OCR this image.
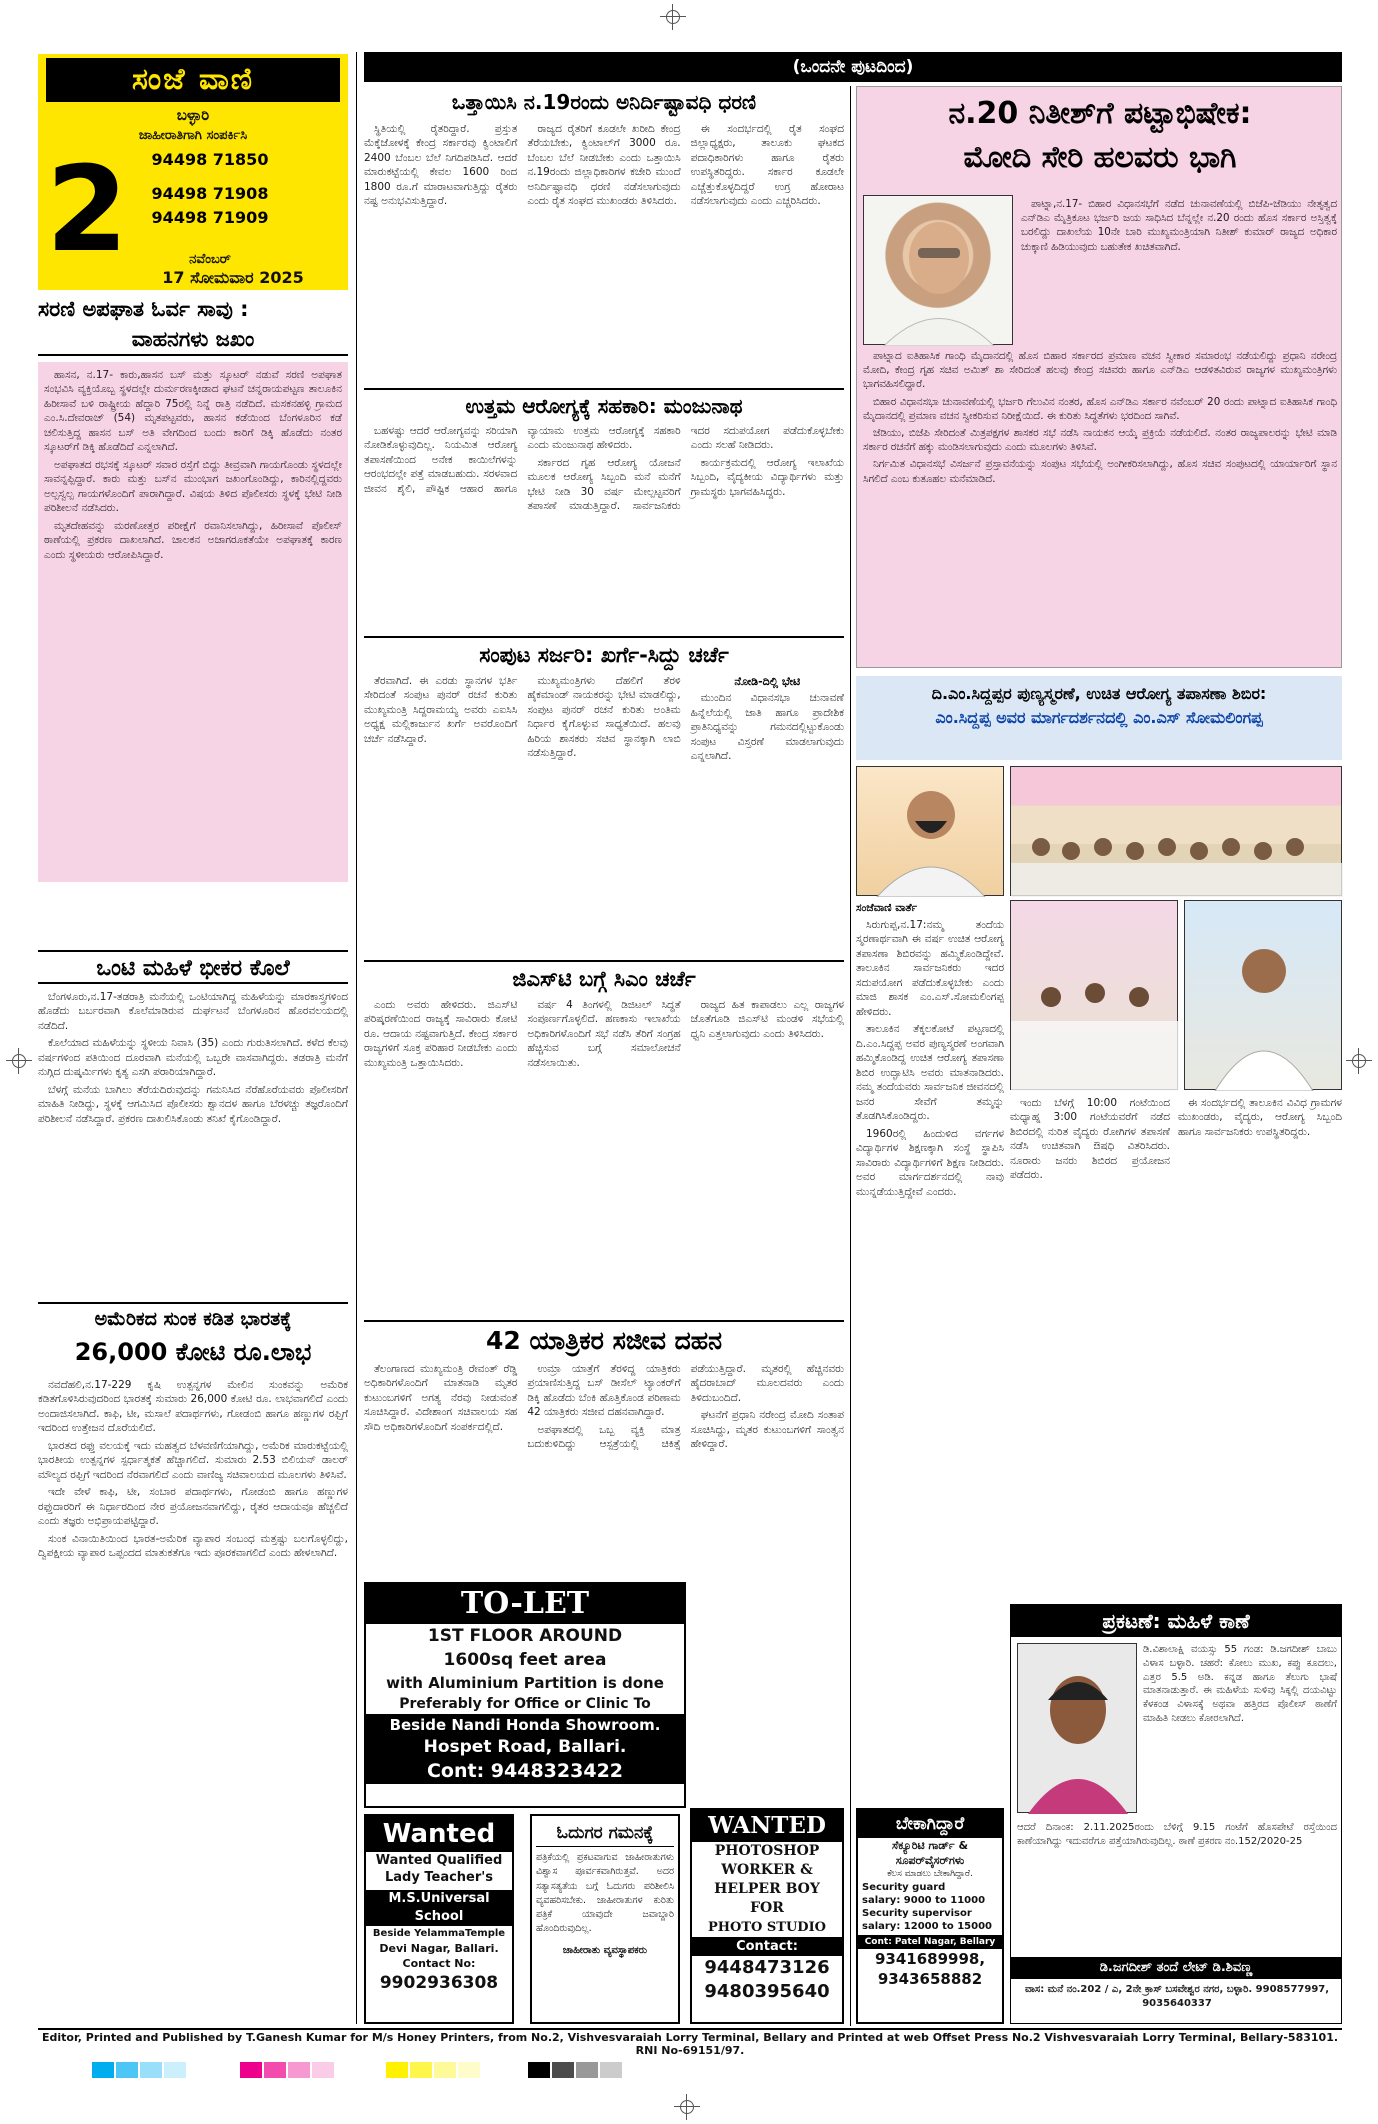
ಸಂಜೆ ವಾಣಿ
ಬಳ್ಳಾರಿ
ಜಾಹೀರಾತಿಗಾಗಿ ಸಂಪರ್ಕಿಸಿ
94498 71850
94498 71908
94498 71909
2	ನವೆಂಬರ್
17 ಸೋಮವಾರ 2025
(ಒಂದನೇ ಪುಟದಿಂದ)
ಸರಣಿ ಅಪಘಾತ ಓರ್ವ ಸಾವು :
ವಾಹನಗಳು ಜಖಂ

ಹಾಸನ, ನ.17- ಕಾರು,ಹಾಸನ ಬಸ್ ಮತ್ತು ಸ್ಕೂಟರ್ ನಡುವೆ ಸರಣಿ ಅಪಘಾತ ಸಂಭವಿಸಿ ವ್ಯಕ್ತಿಯೊಬ್ಬ ಸ್ಥಳದಲ್ಲೇ ದುರ್ಮರಣಕ್ಕೀಡಾದ ಘಟನೆ ಚನ್ನರಾಯಪಟ್ಟಣ ತಾಲೂಕಿನ ಹಿರೀಸಾವೆ ಬಳಿ ರಾಷ್ಟ್ರೀಯ ಹೆದ್ದಾರಿ 75ರಲ್ಲಿ ನಿನ್ನೆ ರಾತ್ರಿ ನಡೆದಿದೆ. ಮಸಕನಹಳ್ಳಿ ಗ್ರಾಮದ ಎಂ.ಸಿ.ದೇವರಾಜ್ (54) ಮೃತಪಟ್ಟವರು, ಹಾಸನ ಕಡೆಯಿಂದ ಬೆಂಗಳೂರಿನ ಕಡೆ ಚಲಿಸುತ್ತಿದ್ದ ಹಾಸನ ಬಸ್ ಅತಿ ವೇಗದಿಂದ ಬಂದು ಕಾರಿಗೆ ಡಿಕ್ಕಿ ಹೊಡೆದು ನಂತರ ಸ್ಕೂಟರ್‌ಗೆ ಡಿಕ್ಕಿ ಹೊಡೆದಿದೆ ಎನ್ನಲಾಗಿದೆ.

ಅಪಘಾತದ ರಭಸಕ್ಕೆ ಸ್ಕೂಟರ್ ಸವಾರ ರಸ್ತೆಗೆ ಬಿದ್ದು ತೀವ್ರವಾಗಿ ಗಾಯಗೊಂಡು ಸ್ಥಳದಲ್ಲೇ ಸಾವನ್ನಪ್ಪಿದ್ದಾರೆ. ಕಾರು ಮತ್ತು ಬಸ್‌ನ ಮುಂಭಾಗ ಜಖಂಗೊಂಡಿದ್ದು, ಕಾರಿನಲ್ಲಿದ್ದವರು ಅಲ್ಪಸ್ವಲ್ಪ ಗಾಯಗಳೊಂದಿಗೆ ಪಾರಾಗಿದ್ದಾರೆ. ವಿಷಯ ತಿಳಿದ ಪೊಲೀಸರು ಸ್ಥಳಕ್ಕೆ ಭೇಟಿ ನೀಡಿ ಪರಿಶೀಲನೆ ನಡೆಸಿದರು.

ಮೃತದೇಹವನ್ನು ಮರಣೋತ್ತರ ಪರೀಕ್ಷೆಗೆ ರವಾನಿಸಲಾಗಿದ್ದು, ಹಿರೀಸಾವೆ ಪೊಲೀಸ್ ಠಾಣೆಯಲ್ಲಿ ಪ್ರಕರಣ ದಾಖಲಾಗಿದೆ. ಚಾಲಕನ ಅಜಾಗರೂಕತೆಯೇ ಅಪಘಾತಕ್ಕೆ ಕಾರಣ ಎಂದು ಸ್ಥಳೀಯರು ಆರೋಪಿಸಿದ್ದಾರೆ.

ಒಂಟಿ ಮಹಿಳೆ ಭೀಕರ ಕೊಲೆ

ಬೆಂಗಳೂರು,ನ.17-ತಡರಾತ್ರಿ ಮನೆಯಲ್ಲಿ ಒಂಟಿಯಾಗಿದ್ದ ಮಹಿಳೆಯನ್ನು ಮಾರಕಾಸ್ತ್ರಗಳಿಂದ ಹೊಡೆದು ಬರ್ಬರವಾಗಿ ಕೊಲೆಮಾಡಿರುವ ದುರ್ಘಟನೆ ಬೆಂಗಳೂರಿನ ಹೊರವಲಯದಲ್ಲಿ ನಡೆದಿದೆ.

ಕೊಲೆಯಾದ ಮಹಿಳೆಯನ್ನು ಸ್ಥಳೀಯ ನಿವಾಸಿ (35) ಎಂದು ಗುರುತಿಸಲಾಗಿದೆ. ಕಳೆದ ಕೆಲವು ವರ್ಷಗಳಿಂದ ಪತಿಯಿಂದ ದೂರವಾಗಿ ಮನೆಯಲ್ಲಿ ಒಬ್ಬರೇ ವಾಸವಾಗಿದ್ದರು. ತಡರಾತ್ರಿ ಮನೆಗೆ ನುಗ್ಗಿದ ದುಷ್ಕರ್ಮಿಗಳು ಕೃತ್ಯ ಎಸಗಿ ಪರಾರಿಯಾಗಿದ್ದಾರೆ.

ಬೆಳಗ್ಗೆ ಮನೆಯ ಬಾಗಿಲು ತೆರೆಯದಿರುವುದನ್ನು ಗಮನಿಸಿದ ನೆರೆಹೊರೆಯವರು ಪೊಲೀಸರಿಗೆ ಮಾಹಿತಿ ನೀಡಿದ್ದು, ಸ್ಥಳಕ್ಕೆ ಆಗಮಿಸಿದ ಪೊಲೀಸರು ಶ್ವಾನದಳ ಹಾಗೂ ಬೆರಳಚ್ಚು ತಜ್ಞರೊಂದಿಗೆ ಪರಿಶೀಲನೆ ನಡೆಸಿದ್ದಾರೆ. ಪ್ರಕರಣ ದಾಖಲಿಸಿಕೊಂಡು ತನಿಖೆ ಕೈಗೊಂಡಿದ್ದಾರೆ.

ಅಮೆರಿಕದ ಸುಂಕ ಕಡಿತ ಭಾರತಕ್ಕೆ
26,000 ಕೋಟಿ ರೂ.ಲಾಭ

ನವದೆಹಲಿ,ನ.17-229 ಕೃಷಿ ಉತ್ಪನ್ನಗಳ ಮೇಲಿನ ಸುಂಕವನ್ನು ಅಮೆರಿಕ ಕಡಿತಗೊಳಿಸಿರುವುದರಿಂದ ಭಾರತಕ್ಕೆ ಸುಮಾರು 26,000 ಕೋಟಿ ರೂ. ಲಾಭವಾಗಲಿದೆ ಎಂದು ಅಂದಾಜಿಸಲಾಗಿದೆ. ಕಾಫಿ, ಟೀ, ಮಸಾಲೆ ಪದಾರ್ಥಗಳು, ಗೋಡಂಬಿ ಹಾಗೂ ಹಣ್ಣುಗಳ ರಫ್ತಿಗೆ ಇದರಿಂದ ಉತ್ತೇಜನ ದೊರೆಯಲಿದೆ.

ಭಾರತದ ರಫ್ತು ವಲಯಕ್ಕೆ ಇದು ಮಹತ್ವದ ಬೆಳವಣಿಗೆಯಾಗಿದ್ದು, ಅಮೆರಿಕ ಮಾರುಕಟ್ಟೆಯಲ್ಲಿ ಭಾರತೀಯ ಉತ್ಪನ್ನಗಳ ಸ್ಪರ್ಧಾತ್ಮಕತೆ ಹೆಚ್ಚಾಗಲಿದೆ. ಸುಮಾರು 2.53 ಬಿಲಿಯನ್ ಡಾಲರ್ ಮೌಲ್ಯದ ರಫ್ತಿಗೆ ಇದರಿಂದ ನೆರವಾಗಲಿದೆ ಎಂದು ವಾಣಿಜ್ಯ ಸಚಿವಾಲಯದ ಮೂಲಗಳು ತಿಳಿಸಿವೆ.

ಇದೇ ವೇಳೆ ಕಾಫಿ, ಟೀ, ಸಂಬಾರ ಪದಾರ್ಥಗಳು, ಗೋಡಂಬಿ ಹಾಗೂ ಹಣ್ಣುಗಳ ರಫ್ತುದಾರರಿಗೆ ಈ ನಿರ್ಧಾರದಿಂದ ನೇರ ಪ್ರಯೋಜನವಾಗಲಿದ್ದು, ರೈತರ ಆದಾಯವೂ ಹೆಚ್ಚಲಿದೆ ಎಂದು ತಜ್ಞರು ಅಭಿಪ್ರಾಯಪಟ್ಟಿದ್ದಾರೆ.

ಸುಂಕ ವಿನಾಯಿತಿಯಿಂದ ಭಾರತ-ಅಮೆರಿಕ ವ್ಯಾಪಾರ ಸಂಬಂಧ ಮತ್ತಷ್ಟು ಬಲಗೊಳ್ಳಲಿದ್ದು, ದ್ವಿಪಕ್ಷೀಯ ವ್ಯಾಪಾರ ಒಪ್ಪಂದದ ಮಾತುಕತೆಗೂ ಇದು ಪೂರಕವಾಗಲಿದೆ ಎಂದು ಹೇಳಲಾಗಿದೆ.

ಒತ್ತಾಯಿಸಿ ನ.19ರಂದು ಅನಿರ್ದಿಷ್ಟಾವಧಿ ಧರಣಿ

ಸ್ಥಿತಿಯಲ್ಲಿ ರೈತರಿದ್ದಾರೆ. ಪ್ರಸ್ತುತ ಮೆಕ್ಕೆಜೋಳಕ್ಕೆ ಕೇಂದ್ರ ಸರ್ಕಾರವು ಕ್ವಿಂಟಾಲಿಗೆ 2400 ಬೆಂಬಲ ಬೆಲೆ ನಿಗದಿಪಡಿಸಿದೆ. ಆದರೆ ಮಾರುಕಟ್ಟೆಯಲ್ಲಿ ಕೇವಲ 1600 ರಿಂದ 1800 ರೂ.ಗೆ ಮಾರಾಟವಾಗುತ್ತಿದ್ದು ರೈತರು ನಷ್ಟ ಅನುಭವಿಸುತ್ತಿದ್ದಾರೆ.

ರಾಜ್ಯದ ರೈತರಿಗೆ ಕೂಡಲೇ ಖರೀದಿ ಕೇಂದ್ರ ತೆರೆಯಬೇಕು, ಕ್ವಿಂಟಾಲ್‌ಗೆ 3000 ರೂ. ಬೆಂಬಲ ಬೆಲೆ ನೀಡಬೇಕು ಎಂದು ಒತ್ತಾಯಿಸಿ ನ.19ರಂದು ಜಿಲ್ಲಾಧಿಕಾರಿಗಳ ಕಚೇರಿ ಮುಂದೆ ಅನಿರ್ದಿಷ್ಟಾವಧಿ ಧರಣಿ ನಡೆಸಲಾಗುವುದು ಎಂದು ರೈತ ಸಂಘದ ಮುಖಂಡರು ತಿಳಿಸಿದರು.

ಈ ಸಂದರ್ಭದಲ್ಲಿ ರೈತ ಸಂಘದ ಜಿಲ್ಲಾಧ್ಯಕ್ಷರು, ತಾಲೂಕು ಘಟಕದ ಪದಾಧಿಕಾರಿಗಳು ಹಾಗೂ ರೈತರು ಉಪಸ್ಥಿತರಿದ್ದರು. ಸರ್ಕಾರ ಕೂಡಲೇ ಎಚ್ಚೆತ್ತುಕೊಳ್ಳದಿದ್ದರೆ ಉಗ್ರ ಹೋರಾಟ ನಡೆಸಲಾಗುವುದು ಎಂದು ಎಚ್ಚರಿಸಿದರು.

ಉತ್ತಮ ಆರೋಗ್ಯಕ್ಕೆ ಸಹಕಾರಿ: ಮಂಜುನಾಥ

ಬಹಳಷ್ಟು ಆದರೆ ಆರೋಗ್ಯವನ್ನು ಸರಿಯಾಗಿ ನೋಡಿಕೊಳ್ಳುವುದಿಲ್ಲ. ನಿಯಮಿತ ಆರೋಗ್ಯ ತಪಾಸಣೆಯಿಂದ ಅನೇಕ ಕಾಯಿಲೆಗಳನ್ನು ಆರಂಭದಲ್ಲೇ ಪತ್ತೆ ಮಾಡಬಹುದು. ಸರಳವಾದ ಜೀವನ ಶೈಲಿ, ಪೌಷ್ಟಿಕ ಆಹಾರ ಹಾಗೂ ವ್ಯಾಯಾಮ ಉತ್ತಮ ಆರೋಗ್ಯಕ್ಕೆ ಸಹಕಾರಿ ಎಂದು ಮಂಜುನಾಥ ಹೇಳಿದರು.

ಸರ್ಕಾರದ ಗೃಹ ಆರೋಗ್ಯ ಯೋಜನೆ ಮೂಲಕ ಆರೋಗ್ಯ ಸಿಬ್ಬಂದಿ ಮನೆ ಮನೆಗೆ ಭೇಟಿ ನೀಡಿ 30 ವರ್ಷ ಮೇಲ್ಪಟ್ಟವರಿಗೆ ತಪಾಸಣೆ ಮಾಡುತ್ತಿದ್ದಾರೆ. ಸಾರ್ವಜನಿಕರು ಇದರ ಸದುಪಯೋಗ ಪಡೆದುಕೊಳ್ಳಬೇಕು ಎಂದು ಸಲಹೆ ನೀಡಿದರು.

ಕಾರ್ಯಕ್ರಮದಲ್ಲಿ ಆರೋಗ್ಯ ಇಲಾಖೆಯ ಸಿಬ್ಬಂದಿ, ವೈದ್ಯಕೀಯ ವಿದ್ಯಾರ್ಥಿಗಳು ಮತ್ತು ಗ್ರಾಮಸ್ಥರು ಭಾಗವಹಿಸಿದ್ದರು.

ಸಂಪುಟ ಸರ್ಜರಿ: ಖರ್ಗೆ-ಸಿದ್ದು ಚರ್ಚೆ

ತೆರವಾಗಿದೆ. ಈ ಎರಡು ಸ್ಥಾನಗಳ ಭರ್ತಿ ಸೇರಿದಂತೆ ಸಂಪುಟ ಪುನರ್ ರಚನೆ ಕುರಿತು ಮುಖ್ಯಮಂತ್ರಿ ಸಿದ್ದರಾಮಯ್ಯ ಅವರು ಎಐಸಿಸಿ ಅಧ್ಯಕ್ಷ ಮಲ್ಲಿಕಾರ್ಜುನ ಖರ್ಗೆ ಅವರೊಂದಿಗೆ ಚರ್ಚೆ ನಡೆಸಿದ್ದಾರೆ.

ಮುಖ್ಯಮಂತ್ರಿಗಳು ದೆಹಲಿಗೆ ತೆರಳಿ ಹೈಕಮಾಂಡ್ ನಾಯಕರನ್ನು ಭೇಟಿ ಮಾಡಲಿದ್ದು, ಸಂಪುಟ ಪುನರ್ ರಚನೆ ಕುರಿತು ಅಂತಿಮ ನಿರ್ಧಾರ ಕೈಗೊಳ್ಳುವ ಸಾಧ್ಯತೆಯಿದೆ. ಹಲವು ಹಿರಿಯ ಶಾಸಕರು ಸಚಿವ ಸ್ಥಾನಕ್ಕಾಗಿ ಲಾಬಿ ನಡೆಸುತ್ತಿದ್ದಾರೆ.

ನೋಡಿ-ದಿಲ್ಲಿ ಭೇಟಿ

ಮುಂದಿನ ವಿಧಾನಸಭಾ ಚುನಾವಣೆ ಹಿನ್ನೆಲೆಯಲ್ಲಿ ಜಾತಿ ಹಾಗೂ ಪ್ರಾದೇಶಿಕ ಪ್ರಾತಿನಿಧ್ಯವನ್ನು ಗಮನದಲ್ಲಿಟ್ಟುಕೊಂಡು ಸಂಪುಟ ವಿಸ್ತರಣೆ ಮಾಡಲಾಗುವುದು ಎನ್ನಲಾಗಿದೆ.

ಜಿಎಸ್‌ಟಿ ಬಗ್ಗೆ ಸಿಎಂ ಚರ್ಚೆ

ಎಂದು ಅವರು ಹೇಳಿದರು. ಜಿಎಸ್‌ಟಿ ಪರಿಷ್ಕರಣೆಯಿಂದ ರಾಜ್ಯಕ್ಕೆ ಸಾವಿರಾರು ಕೋಟಿ ರೂ. ಆದಾಯ ನಷ್ಟವಾಗುತ್ತಿದೆ. ಕೇಂದ್ರ ಸರ್ಕಾರ ರಾಜ್ಯಗಳಿಗೆ ಸೂಕ್ತ ಪರಿಹಾರ ನೀಡಬೇಕು ಎಂದು ಮುಖ್ಯಮಂತ್ರಿ ಒತ್ತಾಯಿಸಿದರು.

ವರ್ಷ 4 ತಿಂಗಳಲ್ಲಿ ಡಿಜಿಟಲ್ ಸಿದ್ಧತೆ ಸಂಪೂರ್ಣಗೊಳ್ಳಲಿದೆ. ಹಣಕಾಸು ಇಲಾಖೆಯ ಅಧಿಕಾರಿಗಳೊಂದಿಗೆ ಸಭೆ ನಡೆಸಿ ತೆರಿಗೆ ಸಂಗ್ರಹ ಹೆಚ್ಚಿಸುವ ಬಗ್ಗೆ ಸಮಾಲೋಚನೆ ನಡೆಸಲಾಯಿತು.

ರಾಜ್ಯದ ಹಿತ ಕಾಪಾಡಲು ಎಲ್ಲ ರಾಜ್ಯಗಳ ಜೊತೆಗೂಡಿ ಜಿಎಸ್‌ಟಿ ಮಂಡಳಿ ಸಭೆಯಲ್ಲಿ ಧ್ವನಿ ಎತ್ತಲಾಗುವುದು ಎಂದು ತಿಳಿಸಿದರು.

42 ಯಾತ್ರಿಕರ ಸಜೀವ ದಹನ

ತೆಲಂಗಾಣದ ಮುಖ್ಯಮಂತ್ರಿ ರೇವಂತ್ ರೆಡ್ಡಿ ಅಧಿಕಾರಿಗಳೊಂದಿಗೆ ಮಾತನಾಡಿ ಮೃತರ ಕುಟುಂಬಗಳಿಗೆ ಅಗತ್ಯ ನೆರವು ನೀಡುವಂತೆ ಸೂಚಿಸಿದ್ದಾರೆ. ವಿದೇಶಾಂಗ ಸಚಿವಾಲಯ ಸಹ ಸೌದಿ ಅಧಿಕಾರಿಗಳೊಂದಿಗೆ ಸಂಪರ್ಕದಲ್ಲಿದೆ.

ಉಮ್ರಾ ಯಾತ್ರೆಗೆ ತೆರಳಿದ್ದ ಯಾತ್ರಿಕರು ಪ್ರಯಾಣಿಸುತ್ತಿದ್ದ ಬಸ್ ಡೀಸೆಲ್ ಟ್ಯಾಂಕರ್‌ಗೆ ಡಿಕ್ಕಿ ಹೊಡೆದು ಬೆಂಕಿ ಹೊತ್ತಿಕೊಂಡ ಪರಿಣಾಮ 42 ಯಾತ್ರಿಕರು ಸಜೀವ ದಹನವಾಗಿದ್ದಾರೆ.

ಅಪಘಾತದಲ್ಲಿ ಒಬ್ಬ ವ್ಯಕ್ತಿ ಮಾತ್ರ ಬದುಕುಳಿದಿದ್ದು ಆಸ್ಪತ್ರೆಯಲ್ಲಿ ಚಿಕಿತ್ಸೆ ಪಡೆಯುತ್ತಿದ್ದಾರೆ. ಮೃತರಲ್ಲಿ ಹೆಚ್ಚಿನವರು ಹೈದರಾಬಾದ್ ಮೂಲದವರು ಎಂದು ತಿಳಿದುಬಂದಿದೆ.

ಘಟನೆಗೆ ಪ್ರಧಾನಿ ನರೇಂದ್ರ ಮೋದಿ ಸಂತಾಪ ಸೂಚಿಸಿದ್ದು, ಮೃತರ ಕುಟುಂಬಗಳಿಗೆ ಸಾಂತ್ವನ ಹೇಳಿದ್ದಾರೆ.

TO-LET
1ST FLOOR AROUND
1600sq feet area
with Aluminium Partition is done
Preferably for Office or Clinic To
Beside Nandi Honda Showroom.
Hospet Road, Ballari.
Cont: 9448323422
Wanted
Wanted Qualified
Lady Teacher's
M.S.Universal
School
Beside YelammaTemple
Devi Nagar, Ballari.
Contact No:
9902936308
ಓದುಗರ ಗಮನಕ್ಕೆ
ಪತ್ರಿಕೆಯಲ್ಲಿ ಪ್ರಕಟವಾಗುವ ಜಾಹೀರಾತುಗಳು ವಿಶ್ವಾಸ ಪೂರ್ವಕವಾಗಿರುತ್ತವೆ. ಅದರ ಸತ್ಯಾಸತ್ಯತೆಯ ಬಗ್ಗೆ ಓದುಗರು ಪರಿಶೀಲಿಸಿ ವ್ಯವಹರಿಸಬೇಕು. ಜಾಹೀರಾತುಗಳ ಕುರಿತು ಪತ್ರಿಕೆ ಯಾವುದೇ ಜವಾಬ್ದಾರಿ ಹೊಂದಿರುವುದಿಲ್ಲ.
ಜಾಹೀರಾತು ವ್ಯವಸ್ಥಾಪಕರು
WANTED
PHOTOSHOP
WORKER &
HELPER BOY
FOR
PHOTO STUDIO
Contact:
9448473126
9480395640
ನ.20 ನಿತೀಶ್‌ಗೆ ಪಟ್ಟಾಭಿಷೇಕ:
ಮೋದಿ ಸೇರಿ ಹಲವರು ಭಾಗಿ

ಪಾಟ್ನಾ,ನ.17- ಬಿಹಾರ ವಿಧಾನಸಭೆಗೆ ನಡೆದ ಚುನಾವಣೆಯಲ್ಲಿ ಬಿಜೆಪಿ-ಜೆಡಿಯು ನೇತೃತ್ವದ ಎನ್‌ಡಿಎ ಮೈತ್ರಿಕೂಟ ಭರ್ಜರಿ ಜಯ ಸಾಧಿಸಿದ ಬೆನ್ನಲ್ಲೇ ನ.20 ರಂದು ಹೊಸ ಸರ್ಕಾರ ಅಸ್ತಿತ್ವಕ್ಕೆ ಬರಲಿದ್ದು ದಾಖಲೆಯ 10ನೇ ಬಾರಿ ಮುಖ್ಯಮಂತ್ರಿಯಾಗಿ ನಿತೀಶ್ ಕುಮಾರ್ ರಾಜ್ಯದ ಅಧಿಕಾರ ಚುಕ್ಕಾಣಿ ಹಿಡಿಯುವುದು ಬಹುತೇಕ ಖಚಿತವಾಗಿದೆ.

ಪಾಟ್ನಾದ ಐತಿಹಾಸಿಕ ಗಾಂಧಿ ಮೈದಾನದಲ್ಲಿ ಹೊಸ ಬಿಹಾರ ಸರ್ಕಾರದ ಪ್ರಮಾಣ ವಚನ ಸ್ವೀಕಾರ ಸಮಾರಂಭ ನಡೆಯಲಿದ್ದು ಪ್ರಧಾನಿ ನರೇಂದ್ರ ಮೋದಿ, ಕೇಂದ್ರ ಗೃಹ ಸಚಿವ ಅಮಿತ್ ಶಾ ಸೇರಿದಂತೆ ಹಲವು ಕೇಂದ್ರ ಸಚಿವರು ಹಾಗೂ ಎನ್‌ಡಿಎ ಆಡಳಿತವಿರುವ ರಾಜ್ಯಗಳ ಮುಖ್ಯಮಂತ್ರಿಗಳು ಭಾಗವಹಿಸಲಿದ್ದಾರೆ.

ಬಿಹಾರ ವಿಧಾನಸಭಾ ಚುನಾವಣೆಯಲ್ಲಿ ಭರ್ಜರಿ ಗೆಲುವಿನ ನಂತರ, ಹೊಸ ಎನ್‌ಡಿಎ ಸರ್ಕಾರ ನವೆಂಬರ್ 20 ರಂದು ಪಾಟ್ನಾದ ಐತಿಹಾಸಿಕ ಗಾಂಧಿ ಮೈದಾನದಲ್ಲಿ ಪ್ರಮಾಣ ವಚನ ಸ್ವೀಕರಿಸುವ ನಿರೀಕ್ಷೆಯಿದೆ. ಈ ಕುರಿತು ಸಿದ್ಧತೆಗಳು ಭರದಿಂದ ಸಾಗಿವೆ.

ಜೆಡಿಯು, ಬಿಜೆಪಿ ಸೇರಿದಂತೆ ಮಿತ್ರಪಕ್ಷಗಳ ಶಾಸಕರ ಸಭೆ ನಡೆಸಿ ನಾಯಕನ ಆಯ್ಕೆ ಪ್ರಕ್ರಿಯೆ ನಡೆಯಲಿದೆ. ನಂತರ ರಾಜ್ಯಪಾಲರನ್ನು ಭೇಟಿ ಮಾಡಿ ಸರ್ಕಾರ ರಚನೆಗೆ ಹಕ್ಕು ಮಂಡಿಸಲಾಗುವುದು ಎಂದು ಮೂಲಗಳು ತಿಳಿಸಿವೆ.

ನಿರ್ಗಮಿತ ವಿಧಾನಸಭೆ ವಿಸರ್ಜನೆ ಪ್ರಸ್ತಾವನೆಯನ್ನು ಸಂಪುಟ ಸಭೆಯಲ್ಲಿ ಅಂಗೀಕರಿಸಲಾಗಿದ್ದು, ಹೊಸ ಸಚಿವ ಸಂಪುಟದಲ್ಲಿ ಯಾರ್ಯಾರಿಗೆ ಸ್ಥಾನ ಸಿಗಲಿದೆ ಎಂಬ ಕುತೂಹಲ ಮನೆಮಾಡಿದೆ.

ದಿ.ಎಂ.ಸಿದ್ದಪ್ಪರ ಪುಣ್ಯಸ್ಮರಣೆ, ಉಚಿತ ಆರೋಗ್ಯ ತಪಾಸಣಾ ಶಿಬಿರ:
ಎಂ.ಸಿದ್ದಪ್ಪ ಅವರ ಮಾರ್ಗದರ್ಶನದಲ್ಲಿ ಎಂ.ಎಸ್ ಸೋಮಲಿಂಗಪ್ಪ
ಸಂಜೆವಾಣಿ ವಾರ್ತೆ

ಸಿರುಗುಪ್ಪ,ನ.17:ನಮ್ಮ ತಂದೆಯ ಸ್ಮರಣಾರ್ಥವಾಗಿ ಈ ವರ್ಷ ಉಚಿತ ಆರೋಗ್ಯ ತಪಾಸಣಾ ಶಿಬಿರವನ್ನು ಹಮ್ಮಿಕೊಂಡಿದ್ದೇವೆ. ತಾಲೂಕಿನ ಸಾರ್ವಜನಿಕರು ಇದರ ಸದುಪಯೋಗ ಪಡೆದುಕೊಳ್ಳಬೇಕು ಎಂದು ಮಾಜಿ ಶಾಸಕ ಎಂ.ಎಸ್.ಸೋಮಲಿಂಗಪ್ಪ ಹೇಳಿದರು.

ತಾಲೂಕಿನ ತೆಕ್ಕಲಕೋಟೆ ಪಟ್ಟಣದಲ್ಲಿ ದಿ.ಎಂ.ಸಿದ್ದಪ್ಪ ಅವರ ಪುಣ್ಯಸ್ಮರಣೆ ಅಂಗವಾಗಿ ಹಮ್ಮಿಕೊಂಡಿದ್ದ ಉಚಿತ ಆರೋಗ್ಯ ತಪಾಸಣಾ ಶಿಬಿರ ಉದ್ಘಾಟಿಸಿ ಅವರು ಮಾತನಾಡಿದರು. ನಮ್ಮ ತಂದೆಯವರು ಸಾರ್ವಜನಿಕ ಜೀವನದಲ್ಲಿ ಜನರ ಸೇವೆಗೆ ತಮ್ಮನ್ನು ತೊಡಗಿಸಿಕೊಂಡಿದ್ದರು.

1960ರಲ್ಲಿ ಹಿಂದುಳಿದ ವರ್ಗಗಳ ವಿದ್ಯಾರ್ಥಿಗಳ ಶಿಕ್ಷಣಕ್ಕಾಗಿ ಸಂಸ್ಥೆ ಸ್ಥಾಪಿಸಿ ಸಾವಿರಾರು ವಿದ್ಯಾರ್ಥಿಗಳಿಗೆ ಶಿಕ್ಷಣ ನೀಡಿದರು. ಅವರ ಮಾರ್ಗದರ್ಶನದಲ್ಲಿ ನಾವು ಮುನ್ನಡೆಯುತ್ತಿದ್ದೇವೆ ಎಂದರು.

ಇಂದು ಬೆಳಗ್ಗೆ 10:00 ಗಂಟೆಯಿಂದ ಮಧ್ಯಾಹ್ನ 3:00 ಗಂಟೆಯವರೆಗೆ ನಡೆದ ಶಿಬಿರದಲ್ಲಿ ನುರಿತ ವೈದ್ಯರು ರೋಗಿಗಳ ತಪಾಸಣೆ ನಡೆಸಿ ಉಚಿತವಾಗಿ ಔಷಧಿ ವಿತರಿಸಿದರು. ನೂರಾರು ಜನರು ಶಿಬಿರದ ಪ್ರಯೋಜನ ಪಡೆದರು.

ಈ ಸಂದರ್ಭದಲ್ಲಿ ತಾಲೂಕಿನ ವಿವಿಧ ಗ್ರಾಮಗಳ ಮುಖಂಡರು, ವೈದ್ಯರು, ಆರೋಗ್ಯ ಸಿಬ್ಬಂದಿ ಹಾಗೂ ಸಾರ್ವಜನಿಕರು ಉಪಸ್ಥಿತರಿದ್ದರು.

ಪ್ರಕಟಣೆ: ಮಹಿಳೆ ಕಾಣೆ
ಡಿ.ವಿಶಾಲಾಕ್ಷಿ ವಯಸ್ಸು 55 ಗಂಡ: ಡಿ.ಜಗದೀಶ್ ಬಾಬು ವಿಳಾಸ ಬಳ್ಳಾರಿ. ಚಹರೆ: ಕೋಲು ಮುಖ, ಕಪ್ಪು ಕೂದಲು, ಎತ್ತರ 5.5 ಅಡಿ. ಕನ್ನಡ ಹಾಗೂ ತೆಲುಗು ಭಾಷೆ ಮಾತನಾಡುತ್ತಾರೆ. ಈ ಮಹಿಳೆಯ ಸುಳಿವು ಸಿಕ್ಕಲ್ಲಿ ದಯವಿಟ್ಟು ಕೆಳಕಂಡ ವಿಳಾಸಕ್ಕೆ ಅಥವಾ ಹತ್ತಿರದ ಪೊಲೀಸ್ ಠಾಣೆಗೆ ಮಾಹಿತಿ ನೀಡಲು ಕೋರಲಾಗಿದೆ.
ಆದರೆ ದಿನಾಂಕ: 2.11.2025ರಂದು ಬೆಳಿಗ್ಗೆ 9.15 ಗಂಟೆಗೆ ಹೊಸಪೇಟೆ ರಸ್ತೆಯಿಂದ ಕಾಣೆಯಾಗಿದ್ದು ಇದುವರೆಗೂ ಪತ್ತೆಯಾಗಿರುವುದಿಲ್ಲ. ಠಾಣೆ ಪ್ರಕರಣ ನಂ.152/2020-25
ಡಿ.ಜಗದೀಶ್ ತಂದೆ ಲೇಟ್ ಡಿ.ಶಿವಣ್ಣ
ವಾಸ: ಮನೆ ನಂ.202 / ಎ, 2ನೇ ಕ್ರಾಸ್ ಬಸವೇಶ್ವರ ನಗರ, ಬಳ್ಳಾರಿ. 9908577997, 9035640337
ಬೇಕಾಗಿದ್ದಾರೆ
ಸೆಕ್ಯೂರಿಟಿ ಗಾರ್ಡ್ &
ಸೂಪರ್‌ವೈಸರ್‌ಗಳು
ಕೆಲಸ ಮಾಡಲು ಬೇಕಾಗಿದ್ದಾರೆ.
Security guard
salary: 9000 to 11000
Security supervisor
salary: 12000 to 15000
Cont: Patel Nagar, Bellary
9341689998,
9343658882
Editor, Printed and Published by T.Ganesh Kumar for M/s Honey Printers, from No.2, Vishvesvaraiah Lorry Terminal, Bellary and Printed at web Offset Press No.2 Vishvesvaraiah Lorry Terminal, Bellary-583101. RNI No-69151/97.
